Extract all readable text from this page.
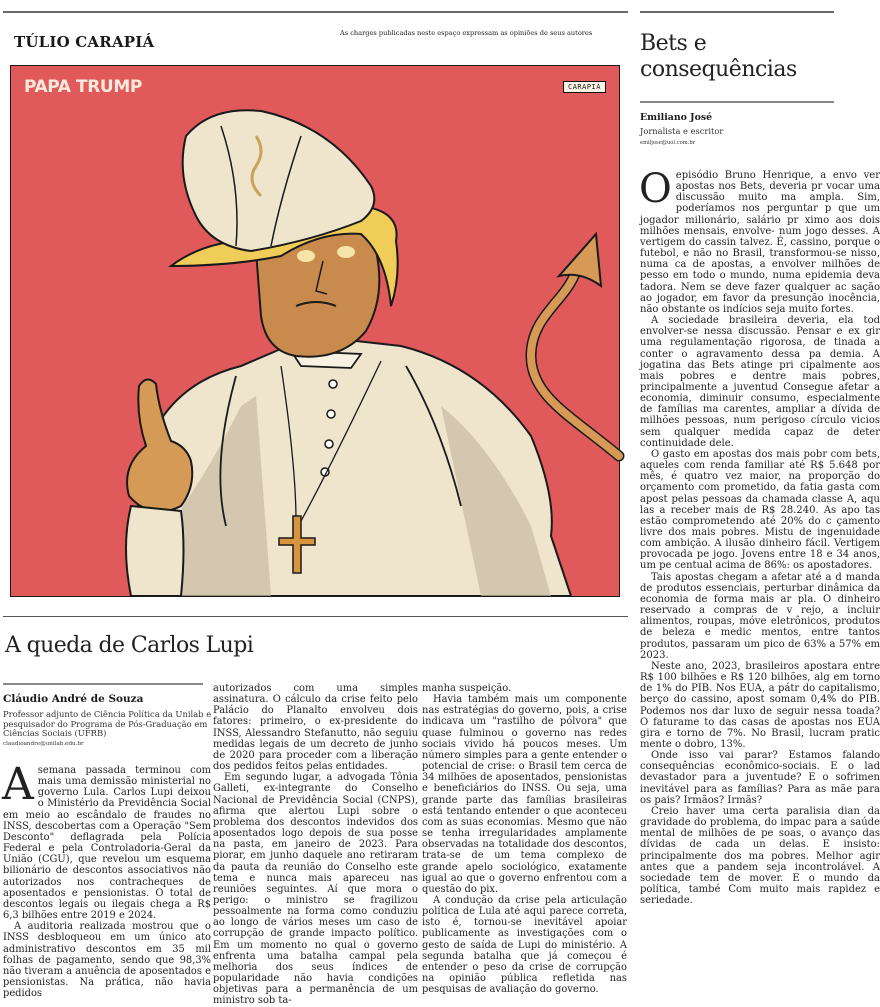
TÚLIO CARAPIÁ	As charges publicadas neste espaço expressam as opiniões de seus autores
PAPA TRUMP	CARAPIÁ
A queda de Carlos Lupi
Cláudio André de Souza
Professor adjunto de Ciência Política da Unilab e pesquisador do Programa de Pós-Graduação em Ciências Sociais (UFRB)
claudioandre@unilab.edu.br

Asemana passada terminou com mais uma demissão ministerial no governo Lula. Carlos Lupi deixou o Ministério da Previdência Social em meio ao escândalo de fraudes no INSS, descobertas com a Operação "Sem Desconto" deflagrada pela Polícia Federal e pela Controladoria-Geral da União (CGU), que revelou um esquema bilionário de descontos associativos não autorizados nos contracheques de aposentados e pensionistas. O total de descontos legais ou ilegais chega a R$ 6,3 bilhões entre 2019 e 2024.

A auditoria realizada mostrou que o INSS desbloqueou em um único ato administrativo descontos em 35 mil folhas de pagamento, sendo que 98,3% não tiveram a anuência de aposentados e pensionistas. Na prática, não havia pedidos

autorizados com uma simples assinatura. O cálculo da crise feito pelo Palácio do Planalto envolveu dois fatores: primeiro, o ex-presidente do INSS, Alessandro Stefanutto, não seguiu medidas legais de um decreto de junho de 2020 para proceder com a liberação dos pedidos feitos pelas entidades.

Em segundo lugar, a advogada Tônia Galleti, ex-integrante do Conselho Nacional de Previdência Social (CNPS), afirma que alertou Lupi sobre o problema dos descontos indevidos dos aposentados logo depois de sua posse na pasta, em janeiro de 2023. Para piorar, em junho daquele ano retiraram da pauta da reunião do Conselho este tema e nunca mais apareceu nas reuniões seguintes. Aí que mora o perigo: o ministro se fragilizou pessoalmente na forma como conduziu ao longo de vários meses um caso de corrupção de grande impacto político. Em um momento no qual o governo enfrenta uma batalha campal pela melhoria dos seus índices de popularidade não havia condições objetivas para a permanência de um ministro sob ta-

manha suspeição.

Havia também mais um componente nas estratégias do governo, pois, a crise indicava um "rastilho de pólvora" que quase fulminou o governo nas redes sociais vivido há poucos meses. Um número simples para a gente entender o potencial de crise: o Brasil tem cerca de 34 milhões de aposentados, pensionistas e beneficiários do INSS. Ou seja, uma grande parte das famílias brasileiras está tentando entender o que aconteceu com as suas economias. Mesmo que não se tenha irregularidades amplamente observadas na totalidade dos descontos, trata-se de um tema complexo de grande apelo sociológico, exatamente igual ao que o governo enfrentou com a questão do pix.

A condução da crise pela articulação política de Lula até aqui parece correta, isto é, tornou-se inevitável apoiar publicamente as investigações com o gesto de saída de Lupi do ministério. A segunda batalha que já começou é entender o peso da crise de corrupção na opinião pública refletida nas pesquisas de avaliação do governo.

Bets e
consequências
Emiliano José
Jornalista e escritor
emiljose@uol.com.br

Oepisódio Bruno Henrique, a envo ver apostas nos Bets, deveria pr vocar uma discussão muito ma ampla. Sim, poderíamos nos perguntar p que um jogador milionário, salário pr ximo aos dois milhões mensais, envolve- num jogo desses. A vertigem do cassin talvez. É, cassino, porque o futebol, e não no Brasil, transformou-se nisso, numa ca de apostas, a envolver milhões de pesso em todo o mundo, numa epidemia deva tadora. Nem se deve fazer qualquer ac sação ao jogador, em favor da presunção inocência, não obstante os indícios seja muito fortes.

A sociedade brasileira deveria, ela tod envolver-se nessa discussão. Pensar e ex gir uma regulamentação rigorosa, de tinada a conter o agravamento dessa pa demia. A jogatina das Bets atinge pri cipalmente aos mais pobres e dentre mais pobres, principalmente a juventud Consegue afetar a economia, diminuir consumo, especialmente de famílias ma carentes, ampliar a dívida de milhões pessoas, num perigoso círculo vicios sem qualquer medida capaz de deter continuidade dele.

O gasto em apostas dos mais pobr com bets, aqueles com renda familiar até R$ 5.648 por mês, é quatro vez maior, na proporção do orçamento com prometido, da fatia gasta com apost pelas pessoas da chamada classe A, aqu las a receber mais de R$ 28.240. As apo tas estão comprometendo até 20% do c çamento livre dos mais pobres. Mistu de ingenuidade com ambição. A ilusão dinheiro fácil. Vertigem provocada pe jogo. Jovens entre 18 e 34 anos, um pe centual acima de 86%: os apostadores.

Tais apostas chegam a afetar até a d manda de produtos essenciais, perturbar dinâmica da economia de forma mais ar pla. O dinheiro reservado a compras de v rejo, a incluir alimentos, roupas, móve eletrônicos, produtos de beleza e medic mentos, entre tantos produtos, passaram um pico de 63% a 57% em 2023.

Neste ano, 2023, brasileiros apostara entre R$ 100 bilhões e R$ 120 bilhões, alg em torno de 1% do PIB. Nos EUA, a pátr do capitalismo, berço do cassino, apost somam 0,4% do PIB. Podemos nos dar luxo de seguir nessa toada? O faturame to das casas de apostas nos EUA gira e torno de 7%. No Brasil, lucram pratic mente o dobro, 13%.

Onde isso vai parar? Estamos falando consequências econômico-sociais. E o lad devastador para a juventude? E o sofrimen inevitável para as famílias? Para as mãe para os pais? Irmãos? Irmãs?

Creio haver uma certa paralisia dian da gravidade do problema, do impac para a saúde mental de milhões de pe soas, o avanço das dívidas de cada un delas. E insisto: principalmente dos ma pobres. Melhor agir antes que a pandem seja incontrolável. A sociedade tem de mover. E o mundo da política, també Com muito mais rapidez e seriedade.
